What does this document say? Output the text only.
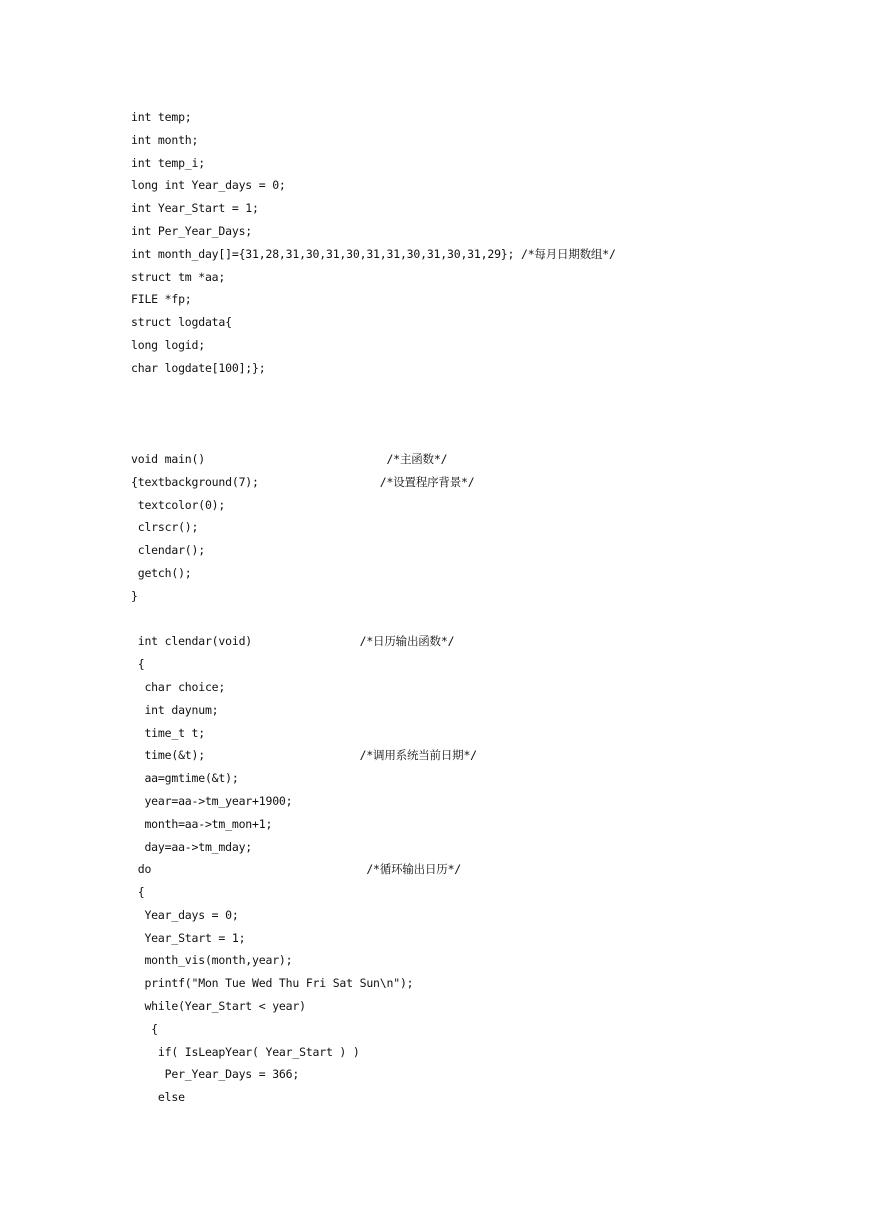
int temp;
int month;
int temp_i;
long int Year_days = 0;
int Year_Start = 1;
int Per_Year_Days;
int month_day[]={31,28,31,30,31,30,31,31,30,31,30,31,29}; /*每月日期数组*/
struct tm *aa;
FILE *fp;
struct logdata{
long logid;
char logdate[100];};
void main()                           /*主函数*/
{textbackground(7);                  /*设置程序背景*/
textcolor(0);
clrscr();
clendar();
getch();
}
int clendar(void)                /*日历输出函数*/
{
char choice;
int daynum;
time_t t;
time(&t);                       /*调用系统当前日期*/
aa=gmtime(&t);
year=aa->tm_year+1900;
month=aa->tm_mon+1;
day=aa->tm_mday;
do                                /*循环输出日历*/
{
Year_days = 0;
Year_Start = 1;
month_vis(month,year);
printf("Mon Tue Wed Thu Fri Sat Sun\n");
while(Year_Start < year)
{
if( IsLeapYear( Year_Start ) )
Per_Year_Days = 366;
else
